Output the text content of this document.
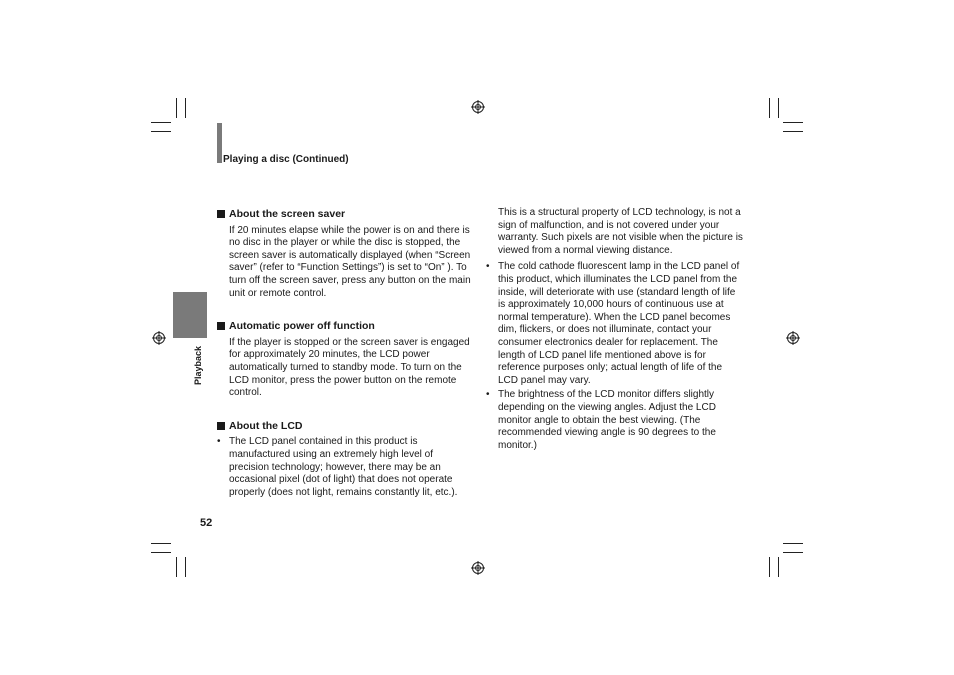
Playing a disc (Continued)
Playback
52
About the screen saver

If 20 minutes elapse while the power is on and there is no disc in the player or while the disc is stopped, the screen saver is automatically displayed (when “Screen saver” (refer to “Function Settings”) is set to “On” ). To turn off the screen saver, press any button on the main unit or remote control.

Automatic power off function

If the player is stopped or the screen saver is engaged for approximately 20 minutes, the LCD power automatically turned to standby mode. To turn on the LCD monitor, press the power button on the remote control.

About the LCD
• The LCD panel contained in this product is manufactured using an extremely high level of precision technology; however, there may be an occasional pixel (dot of light) that does not operate properly (does not light, remains constantly lit, etc.).

This is a structural property of LCD technology, is not a sign of malfunction, and is not covered under your warranty. Such pixels are not visible when the picture is viewed from a normal viewing distance.

• The cold cathode fluorescent lamp in the LCD panel of this product, which illuminates the LCD panel from the inside, will deteriorate with use (standard length of life is approximately 10,000 hours of continuous use at normal temperature). When the LCD panel becomes dim, flickers, or does not illuminate, contact your consumer electronics dealer for replacement. The length of LCD panel life mentioned above is for reference purposes only; actual length of life of the LCD panel may vary.
• The brightness of the LCD monitor differs slightly depending on the viewing angles. Adjust the LCD monitor angle to obtain the best viewing. (The recommended viewing angle is 90 degrees to the monitor.)
